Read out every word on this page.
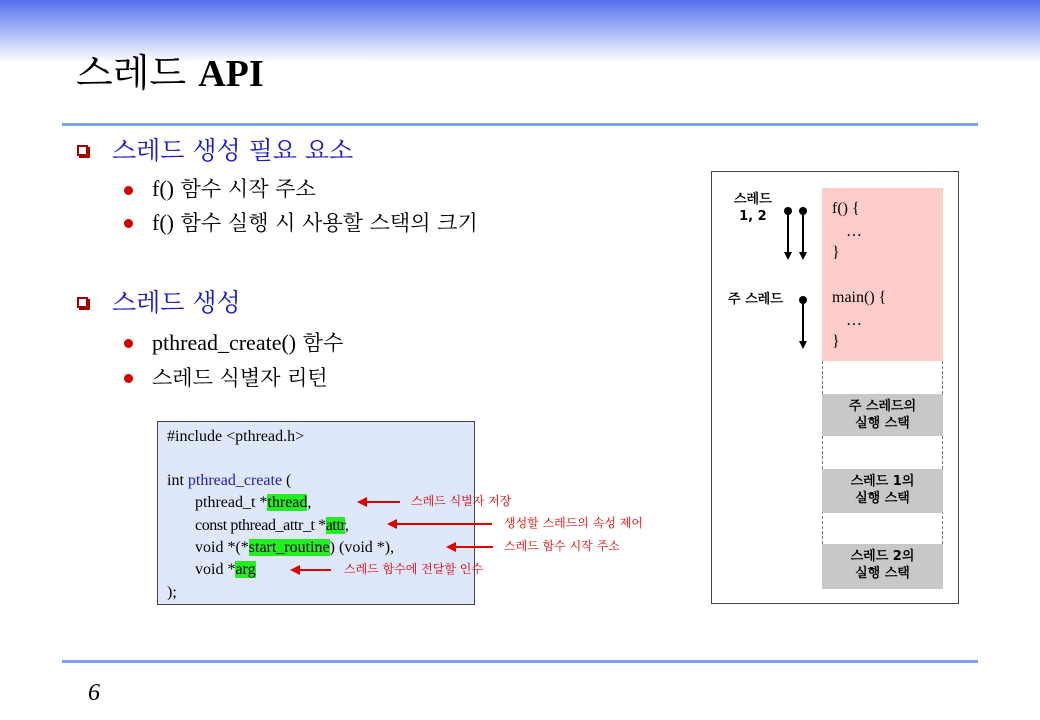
스레드 API
스레드 생성 필요 요소
f() 함수 시작 주소
f() 함수 실행 시 사용할 스택의 크기
스레드 생성
pthread_create() 함수
스레드 식별자 리턴
#include <pthread.h>
int pthread_create (
pthread_t *thread,
const pthread_attr_t *attr,
void *(*start_routine) (void *),
void *arg
);
스레드 식별자 저장
생성할 스레드의 속성 제어
스레드 함수 시작 주소
스레드 함수에 전달할 인수
f() {
…
}
main() {
…
}
주 스레드의
실행 스택
스레드 1의
실행 스택
스레드 2의
실행 스택
스레드
1, 2
주 스레드
6
